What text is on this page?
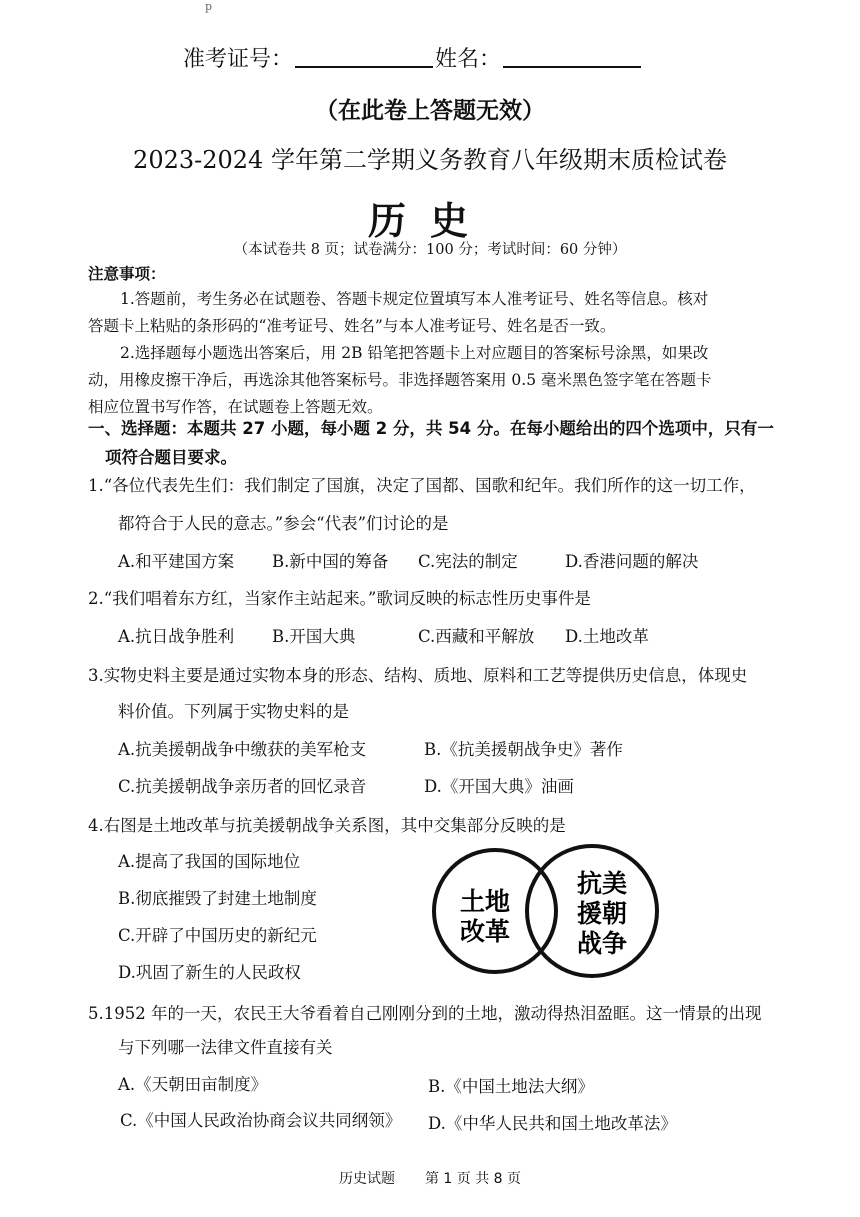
p
准考证号：	姓名：
（在此卷上答题无效）
2023-2024 学年第二学期义务教育八年级期末质检试卷
历史
（本试卷共 8 页；试卷满分：100 分；考试时间：60 分钟）
注意事项：
1.答题前，考生务必在试题卷、答题卡规定位置填写本人准考证号、姓名等信息。核对
答题卡上粘贴的条形码的“准考证号、姓名”与本人准考证号、姓名是否一致。
2.选择题每小题选出答案后，用 2B 铅笔把答题卡上对应题目的答案标号涂黑，如果改
动，用橡皮擦干净后，再选涂其他答案标号。非选择题答案用 0.5 毫米黑色签字笔在答题卡
相应位置书写作答，在试题卷上答题无效。
一、选择题：本题共 27 小题，每小题 2 分，共 54 分。在每小题给出的四个选项中，只有一
项符合题目要求。
1.“各位代表先生们：我们制定了国旗，决定了国都、国歌和纪年。我们所作的这一切工作，
都符合于人民的意志。”参会“代表”们讨论的是
A.和平建国方案 B.新中国的筹备 C.宪法的制定	D.香港问题的解决
2.“我们唱着东方红，当家作主站起来。”歌词反映的标志性历史事件是
A.抗日战争胜利 B.开国大典	C.西藏和平解放 D.土地改革
3.实物史料主要是通过实物本身的形态、结构、质地、原料和工艺等提供历史信息，体现史
料价值。下列属于实物史料的是
A.抗美援朝战争中缴获的美军枪支	B.《抗美援朝战争史》著作
C.抗美援朝战争亲历者的回忆录音	D.《开国大典》油画
4.右图是土地改革与抗美援朝战争关系图，其中交集部分反映的是
A.提高了我国的国际地位
B.彻底摧毁了封建土地制度
C.开辟了中国历史的新纪元
D.巩固了新生的人民政权
土地
改革
抗美
援朝
战争
5.1952 年的一天，农民王大爷看着自己刚刚分到的土地，激动得热泪盈眶。这一情景的出现
与下列哪一法律文件直接有关
A.《天朝田亩制度》	B.《中国土地法大纲》
C.《中国人民政治协商会议共同纲领》 D.《中华人民共和国土地改革法》
历史试题 第 1 页 共 8 页
